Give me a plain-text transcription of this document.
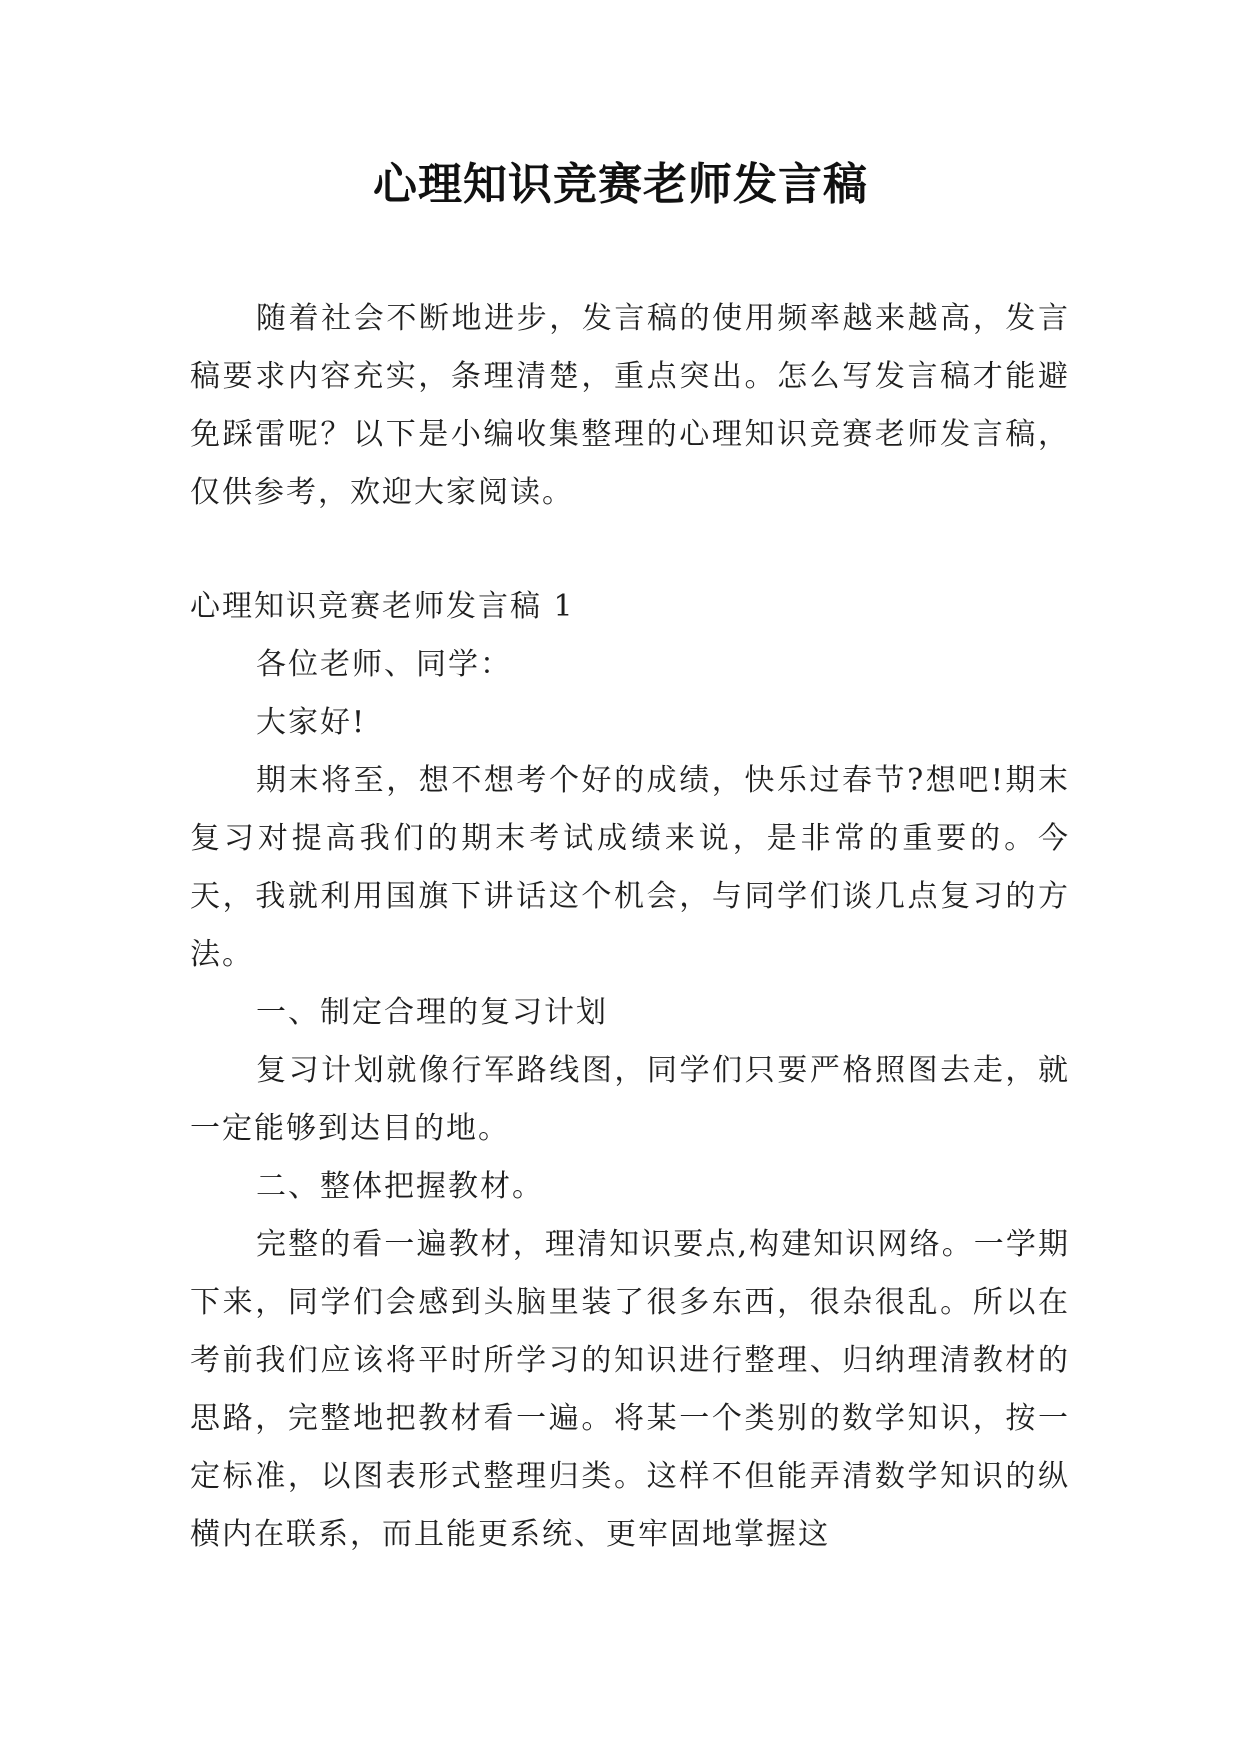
心理知识竞赛老师发言稿

随着社会不断地进步，发言稿的使用频率越来越高，发言稿要求内容充实，条理清楚，重点突出。怎么写发言稿才能避免踩雷呢？以下是小编收集整理的心理知识竞赛老师发言稿，仅供参考，欢迎大家阅读。

心理知识竞赛老师发言稿 1

各位老师、同学：

大家好!

期末将至，想不想考个好的成绩，快乐过春节?想吧!期末复习对提高我们的期末考试成绩来说，是非常的重要的。今天，我就利用国旗下讲话这个机会，与同学们谈几点复习的方法。

一、制定合理的复习计划

复习计划就像行军路线图，同学们只要严格照图去走，就一定能够到达目的地。

二、整体把握教材。

完整的看一遍教材，理清知识要点,构建知识网络。一学期下来，同学们会感到头脑里装了很多东西，很杂很乱。所以在考前我们应该将平时所学习的知识进行整理、归纳理清教材的思路，完整地把教材看一遍。将某一个类别的数学知识，按一定标准，以图表形式整理归类。这样不但能弄清数学知识的纵横内在联系，而且能更系统、更牢固地掌握这
